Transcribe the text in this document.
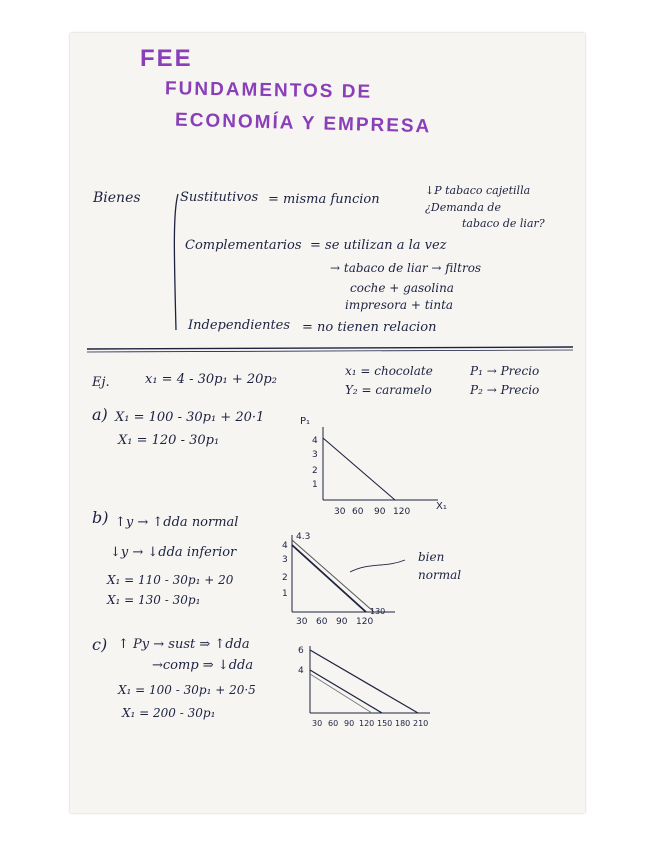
FEE
FUNDAMENTOS DE
ECONOMÍA Y EMPRESA
Bienes	Sustitutivos = misma funcion
↓P tabaco cajetilla
¿Demanda de
tabaco de liar?
Complementarios = se utilizan a la vez
→ tabaco de liar → filtros
coche + gasolina
impresora + tinta
Independientes = no tienen relacion
Ej.	x₁ = 4 - 30p₁ + 20p₂
x₁ = chocolate
Y₂ = caramelo
P₁ → Precio
P₂ → Precio
a) X₁ = 100 - 30p₁ + 20·1
X₁ = 120 - 30p₁
P₁
X₁
1
2
3
4
30 60 90 120
b) ↑y → ↑dda normal
↓y → ↓dda inferior
X₁ = 110 - 30p₁ + 20
X₁ = 130 - 30p₁
bien
normal
4.3
1
2
3
4
30 60 90 120
130
c) ↑ Py → sust ⇒ ↑dda
→comp ⇒ ↓dda
X₁ = 100 - 30p₁ + 20·5
X₁ = 200 - 30p₁
6
4
30 60 90 120 150 180 210
